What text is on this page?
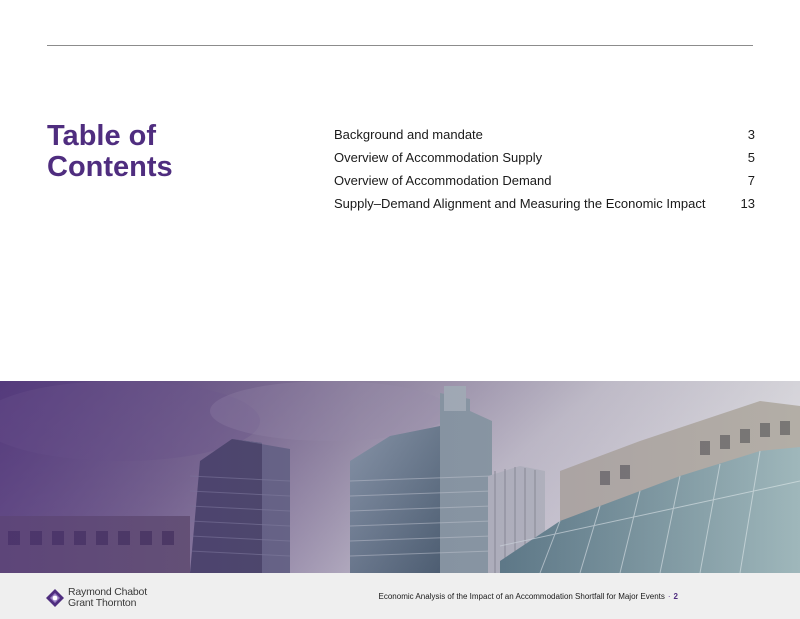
Table of
Contents
Background and mandate	3
Overview of Accommodation Supply	5
Overview of Accommodation Demand	7
Supply–Demand Alignment and Measuring the Economic Impact	13
Raymond Chabot
Grant Thornton
Economic Analysis of the Impact of an Accommodation Shortfall for Major Events · 2
